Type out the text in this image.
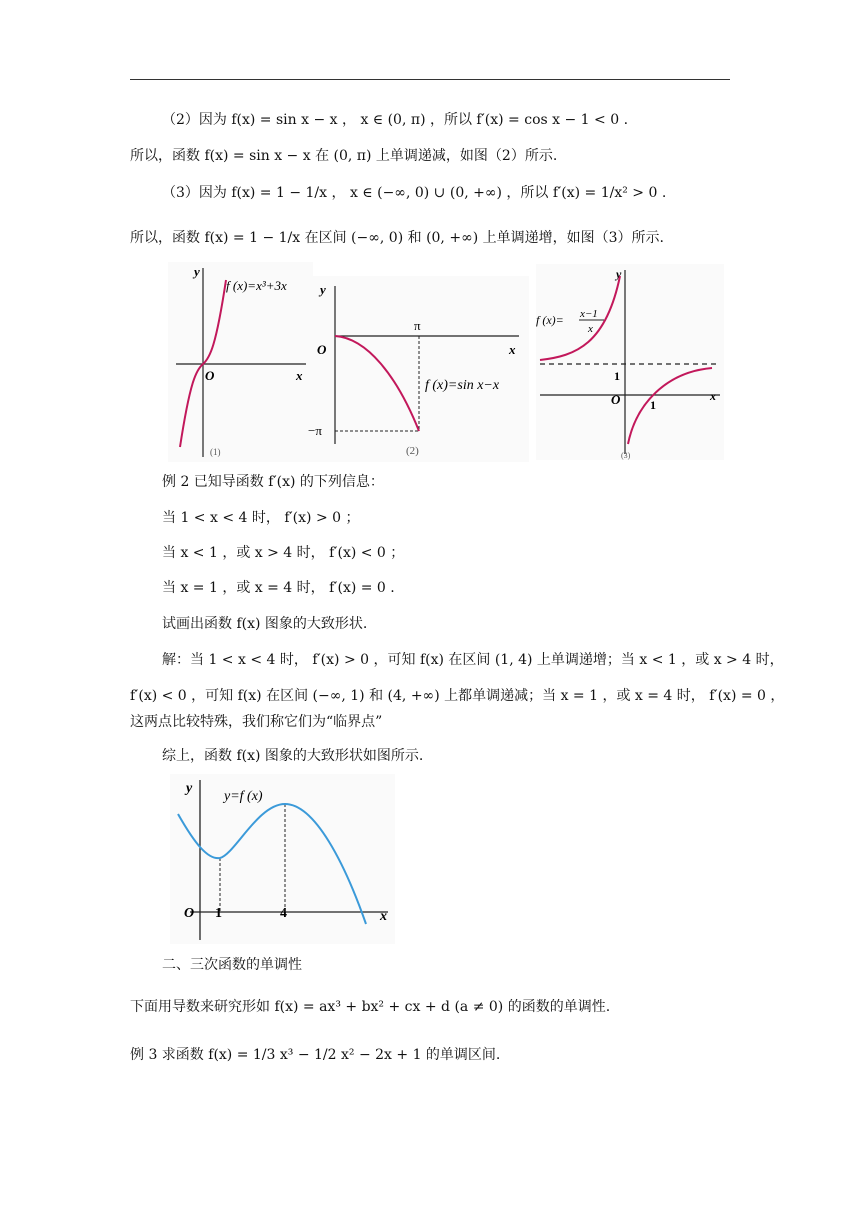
（2）因为 f(x) = sin x − x ， x ∈ (0, π) ，所以 f′(x) = cos x − 1 < 0 .
所以，函数 f(x) = sin x − x 在 (0, π) 上单调递减，如图（2）所示.
（3）因为 f(x) = 1 − 1/x ， x ∈ (−∞, 0) ∪ (0, +∞) ，所以 f′(x) = 1/x² > 0 .
所以，函数 f(x) = 1 − 1/x 在区间 (−∞, 0) 和 (0, +∞) 上单调递增，如图（3）所示.
y
x
O
f (x)=x³+3x
(1)
y
x
O
π
−π
f (x)=sin x−x
(2)
y
x
O
1
1
f (x)= x−1
x
(3)
例 2 已知导函数 f′(x) 的下列信息：
当 1 < x < 4 时， f′(x) > 0 ；
当 x < 1 ，或 x > 4 时， f′(x) < 0 ；
当 x = 1 ，或 x = 4 时， f′(x) = 0 .
试画出函数 f(x) 图象的大致形状.
解：当 1 < x < 4 时， f′(x) > 0 ，可知 f(x) 在区间 (1, 4) 上单调递增；当 x < 1 ，或 x > 4 时，
f′(x) < 0 ，可知 f(x) 在区间 (−∞, 1) 和 (4, +∞) 上都单调递减；当 x = 1 ，或 x = 4 时， f′(x) = 0 ，
这两点比较特殊，我们称它们为“临界点”
综上，函数 f(x) 图象的大致形状如图所示.
y
x
O 1	4
y=f (x)
二、三次函数的单调性
下面用导数来研究形如 f(x) = ax³ + bx² + cx + d (a ≠ 0) 的函数的单调性.
例 3 求函数 f(x) = 1/3 x³ − 1/2 x² − 2x + 1 的单调区间.
